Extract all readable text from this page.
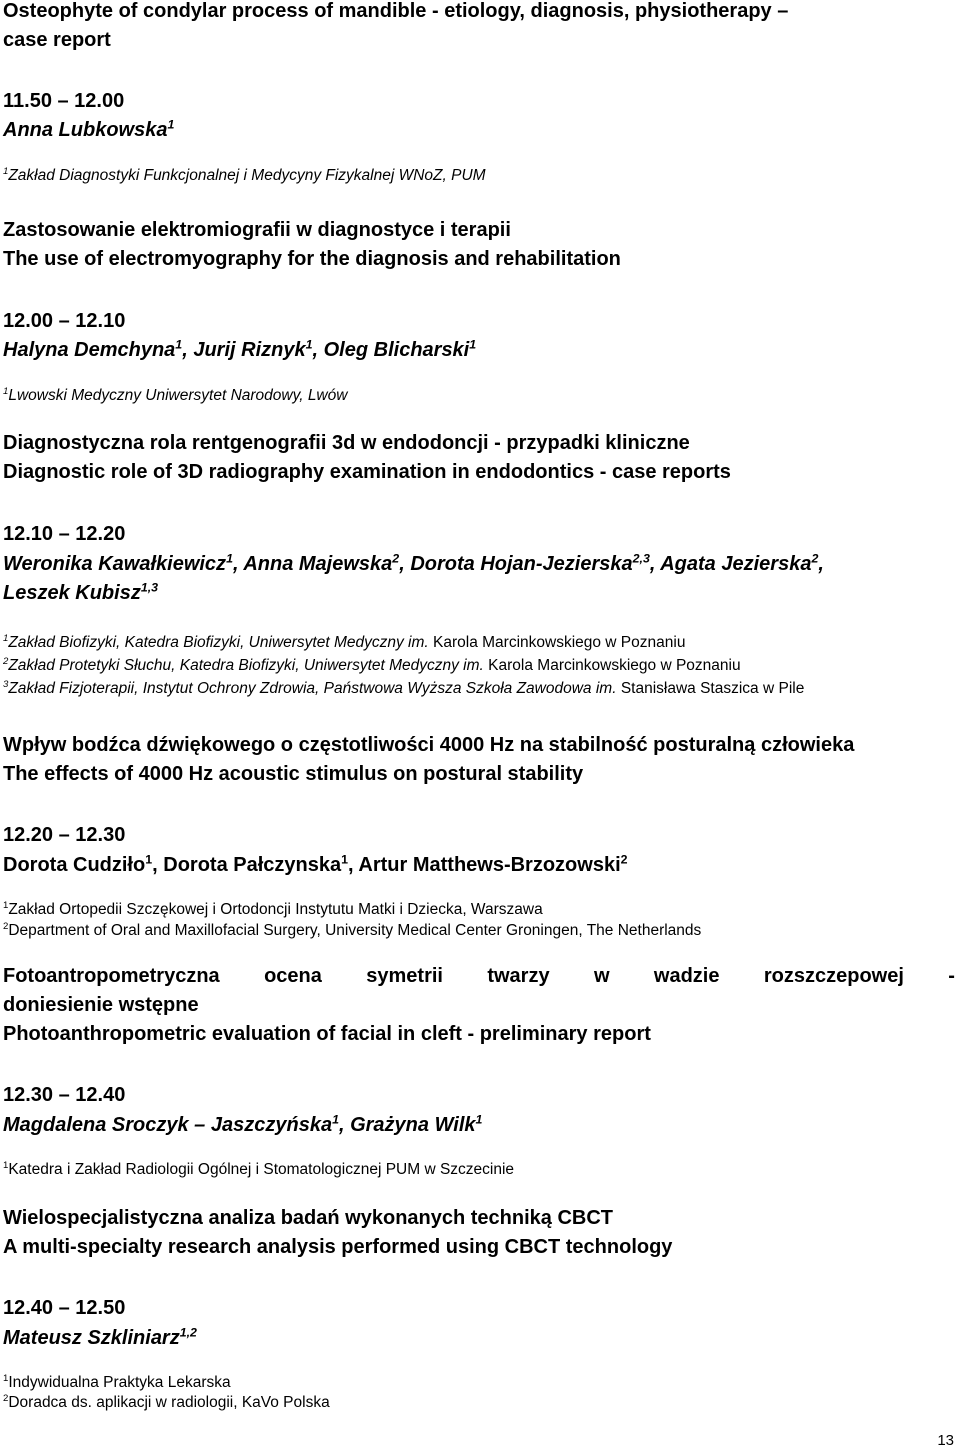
Osteophyte of condylar process of mandible - etiology, diagnosis, physiotherapy –
case report
11.50 – 12.00
Anna Lubkowska$^1$
$^1$Zakład Diagnostyki Funkcjonalnej i Medycyny Fizykalnej WNoZ, PUM
Zastosowanie elektromiografii w diagnostyce i terapii
The use of electromyography for the diagnosis and rehabilitation
12.00 – 12.10
Halyna Demchyna$^1$, Jurij Riznyk$^1$, Oleg Blicharski$^1$
$^1$Lwowski Medyczny Uniwersytet Narodowy, Lwów
Diagnostyczna rola rentgenografii 3d w endodoncji - przypadki kliniczne
Diagnostic role of 3D radiography examination in endodontics - case reports
12.10 – 12.20
Weronika Kawałkiewicz$^1$, Anna Majewska$^2$, Dorota Hojan-Jezierska$^{2,3}$, Agata Jezierska$^2$,
Leszek Kubisz$^{1,3}$
$^1$Zakład Biofizyki, Katedra Biofizyki, Uniwersytet Medyczny im. Karola Marcinkowskiego w Poznaniu
$^2$Zakład Protetyki Słuchu, Katedra Biofizyki, Uniwersytet Medyczny im. Karola Marcinkowskiego w Poznaniu
$^3$Zakład Fizjoterapii, Instytut Ochrony Zdrowia, Państwowa Wyższa Szkoła Zawodowa im. Stanisława Staszica w Pile
Wpływ bodźca dźwiękowego o częstotliwości 4000 Hz na stabilność posturalną człowieka
The effects of 4000 Hz acoustic stimulus on postural stability
12.20 – 12.30
Dorota Cudziło$^1$, Dorota Pałczynska$^1$, Artur Matthews-Brzozowski$^2$
$^1$Zakład Ortopedii Szczękowej i Ortodoncji Instytutu Matki i Dziecka, Warszawa
$^2$Department of Oral and Maxillofacial Surgery, University Medical Center Groningen, The Netherlands
Fotoantropometryczna ocena symetrii twarzy w wadzie rozszczepowej -
doniesienie wstępne
Photoanthropometric evaluation of facial in cleft - preliminary report
12.30 – 12.40
Magdalena Sroczyk – Jaszczyńska$^1$, Grażyna Wilk$^1$
$^1$Katedra i Zakład Radiologii Ogólnej i Stomatologicznej PUM w Szczecinie
Wielospecjalistyczna analiza badań wykonanych techniką CBCT
A multi-specialty research analysis performed using CBCT technology
12.40 – 12.50
Mateusz Szkliniarz$^{1,2}$
$^1$Indywidualna Praktyka Lekarska
$^2$Doradca ds. aplikacji w radiologii, KaVo Polska
13
